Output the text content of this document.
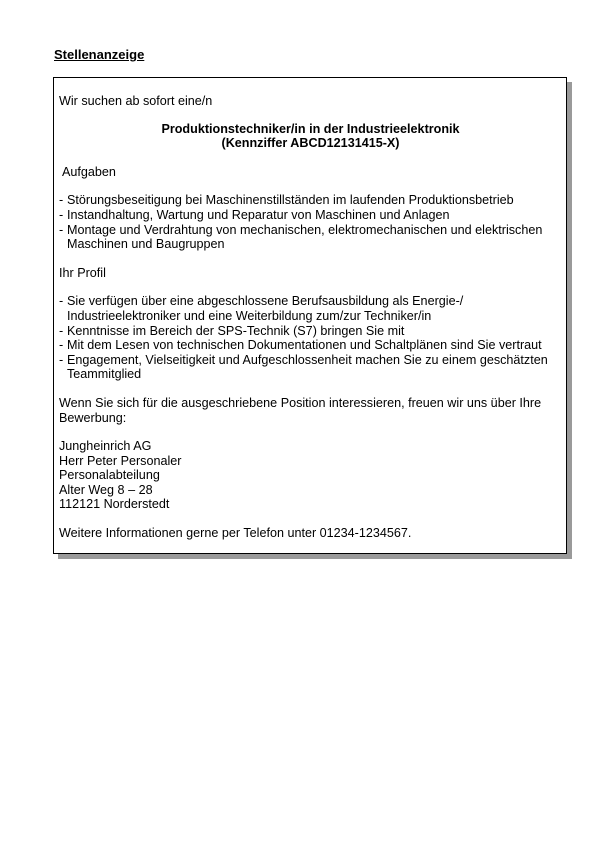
Stellenanzeige
Wir suchen ab sofort eine/n
Produktionstechniker/in in der Industrieelektronik
(Kennziffer ABCD12131415-X)
Aufgaben
- Störungsbeseitigung bei Maschinenstillständen im laufenden Produktionsbetrieb
- Instandhaltung, Wartung und Reparatur von Maschinen und Anlagen
- Montage und Verdrahtung von mechanischen, elektromechanischen und elektrischen
Maschinen und Baugruppen
Ihr Profil
- Sie verfügen über eine abgeschlossene Berufsausbildung als Energie-/
Industrieelektroniker und eine Weiterbildung zum/zur Techniker/in
- Kenntnisse im Bereich der SPS-Technik (S7) bringen Sie mit
- Mit dem Lesen von technischen Dokumentationen und Schaltplänen sind Sie vertraut
- Engagement, Vielseitigkeit und Aufgeschlossenheit machen Sie zu einem geschätzten
Teammitglied
Wenn Sie sich für die ausgeschriebene Position interessieren, freuen wir uns über Ihre
Bewerbung:
Jungheinrich AG
Herr Peter Personaler
Personalabteilung
Alter Weg 8 – 28
112121 Norderstedt
Weitere Informationen gerne per Telefon unter 01234-1234567.
